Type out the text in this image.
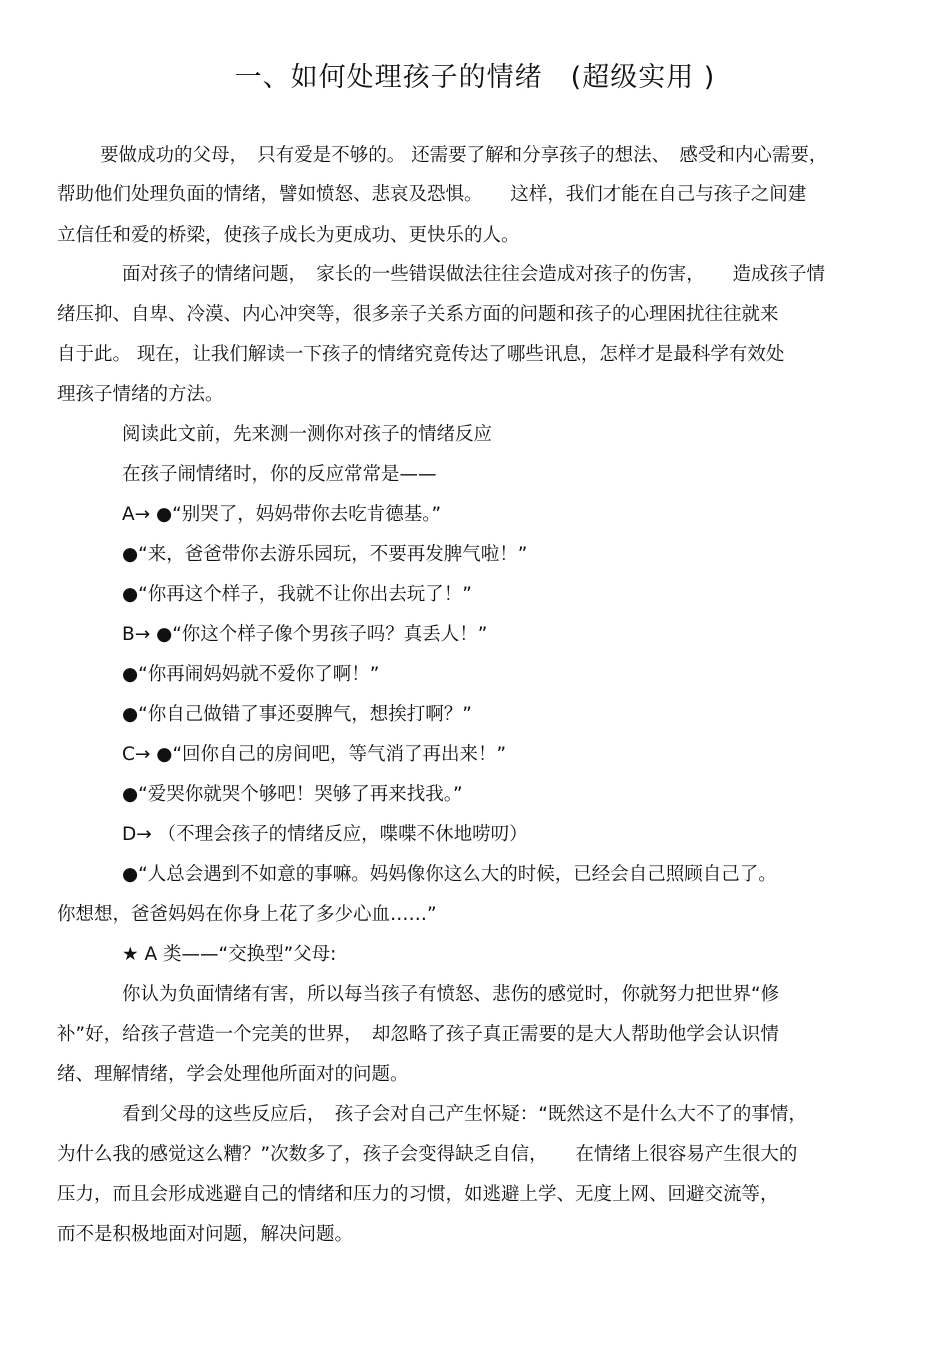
一、如何处理孩子的情绪　(超级实用 )
要做成功的父母，　只有爱是不够的。 还需要了解和分享孩子的想法、　感受和内心需要，
帮助他们处理负面的情绪，譬如愤怒、悲哀及恐惧。　　这样，我们才能在自己与孩子之间建
立信任和爱的桥梁，使孩子成长为更成功、更快乐的人。
面对孩子的情绪问题，　家长的一些错误做法往往会造成对孩子的伤害，　　造成孩子情
绪压抑、自卑、冷漠、内心冲突等，很多亲子关系方面的问题和孩子的心理困扰往往就来
自于此。 现在，让我们解读一下孩子的情绪究竟传达了哪些讯息，怎样才是最科学有效处
理孩子情绪的方法。
阅读此文前，先来测一测你对孩子的情绪反应
在孩子闹情绪时，你的反应常常是——
A→ ●“别哭了，妈妈带你去吃肯德基。”
●“来，爸爸带你去游乐园玩，不要再发脾气啦！”
●“你再这个样子，我就不让你出去玩了！”
B→ ●“你这个样子像个男孩子吗？真丢人！”
●“你再闹妈妈就不爱你了啊！”
●“你自己做错了事还耍脾气，想挨打啊？”
C→ ●“回你自己的房间吧，等气消了再出来！”
●“爱哭你就哭个够吧！哭够了再来找我。”
D→ （不理会孩子的情绪反应，喋喋不休地唠叨）
●“人总会遇到不如意的事嘛。妈妈像你这么大的时候，已经会自己照顾自己了。
你想想，爸爸妈妈在你身上花了多少心血……”
★ A 类——“交换型”父母:
你认为负面情绪有害，所以每当孩子有愤怒、悲伤的感觉时，你就努力把世界“修
补”好，给孩子营造一个完美的世界，　却忽略了孩子真正需要的是大人帮助他学会认识情
绪、理解情绪，学会处理他所面对的问题。
看到父母的这些反应后，　孩子会对自己产生怀疑：“既然这不是什么大不了的事情，
为什么我的感觉这么糟？”次数多了，孩子会变得缺乏自信，　　在情绪上很容易产生很大的
压力，而且会形成逃避自己的情绪和压力的习惯，如逃避上学、无度上网、回避交流等，
而不是积极地面对问题，解决问题。
